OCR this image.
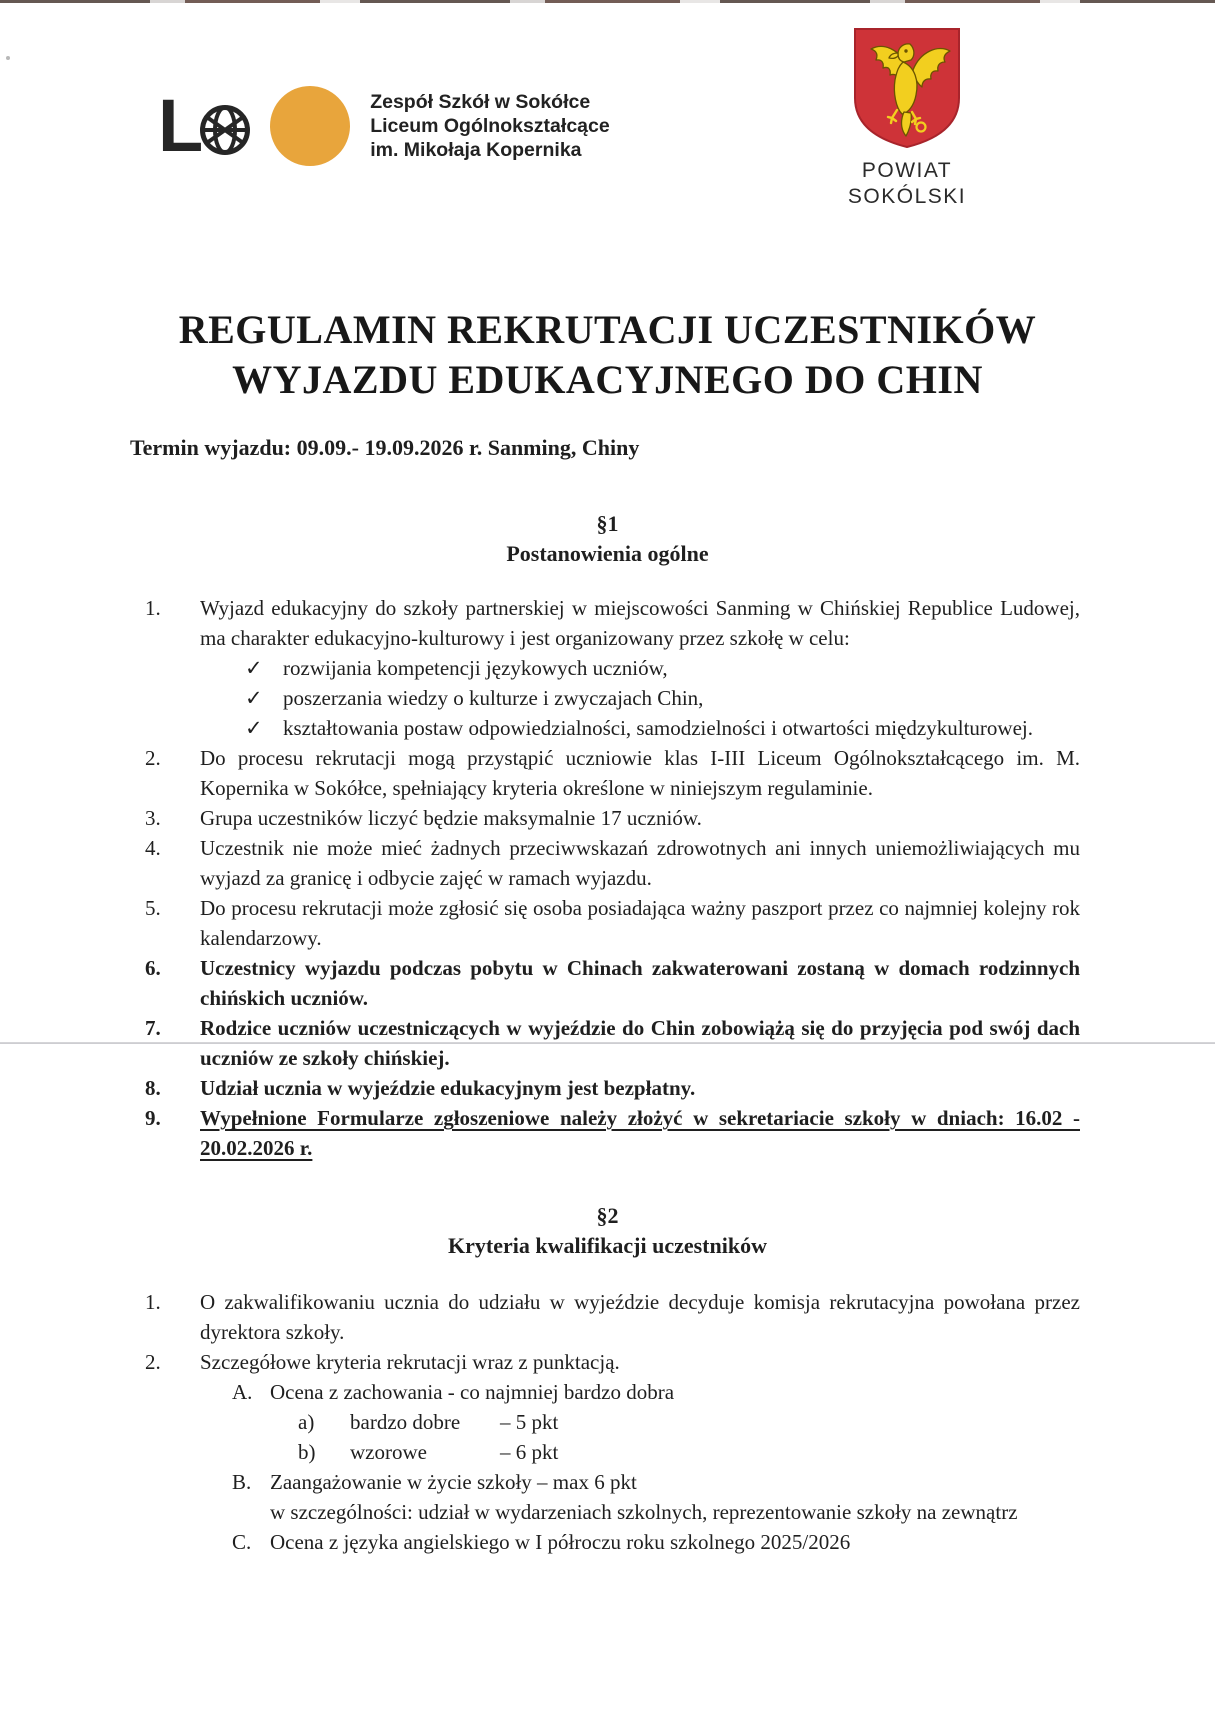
L	Zespół Szkół w Sokółce
Liceum Ogólnokształcące
im. Mikołaja Kopernika
POWIAT
SOKÓLSKI
REGULAMIN REKRUTACJI UCZESTNIKÓW
WYJAZDU EDUKACYJNEGO DO CHIN
Termin wyjazdu: 09.09.- 19.09.2026 r. Sanming, Chiny
§1
Postanowienia ogólne
1.	Wyjazd edukacyjny do szkoły partnerskiej w miejscowości Sanming w Chińskiej Republice Ludowej, ma charakter edukacyjno-kulturowy i jest organizowany przez szkołę w celu:
✓ rozwijania kompetencji językowych uczniów,
✓ poszerzania wiedzy o kulturze i zwyczajach Chin,
✓ kształtowania postaw odpowiedzialności, samodzielności i otwartości międzykulturowej.
2.	Do procesu rekrutacji mogą przystąpić uczniowie klas I-III Liceum Ogólnokształcącego im. M. Kopernika w Sokółce, spełniający kryteria określone w niniejszym regulaminie.
3.	Grupa uczestników liczyć będzie maksymalnie 17 uczniów.
4.	Uczestnik nie może mieć żadnych przeciwwskazań zdrowotnych ani innych uniemożliwiających mu wyjazd za granicę i odbycie zajęć w ramach wyjazdu.
5.	Do procesu rekrutacji może zgłosić się osoba posiadająca ważny paszport przez co najmniej kolejny rok kalendarzowy.
6.	Uczestnicy wyjazdu podczas pobytu w Chinach zakwaterowani zostaną w domach rodzinnych chińskich uczniów.
7.	Rodzice uczniów uczestniczących w wyjeździe do Chin zobowiążą się do przyjęcia pod swój dach uczniów ze szkoły chińskiej.
8.	Udział ucznia w wyjeździe edukacyjnym jest bezpłatny.
9.	Wypełnione Formularze zgłoszeniowe należy złożyć w sekretariacie szkoły w dniach: 16.02 - 20.02.2026 r.
§2
Kryteria kwalifikacji uczestników
1.	O zakwalifikowaniu ucznia do udziału w wyjeździe decyduje komisja rekrutacyjna powołana przez dyrektora szkoły.
2.	Szczegółowe kryteria rekrutacji wraz z punktacją.
A. Ocena z zachowania - co najmniej bardzo dobra
a)	bardzo dobre	– 5 pkt
b)	wzorowe	– 6 pkt
B. Zaangażowanie w życie szkoły – max 6 pkt
w szczególności: udział w wydarzeniach szkolnych, reprezentowanie szkoły na zewnątrz
C. Ocena z języka angielskiego w I półroczu roku szkolnego 2025/2026
